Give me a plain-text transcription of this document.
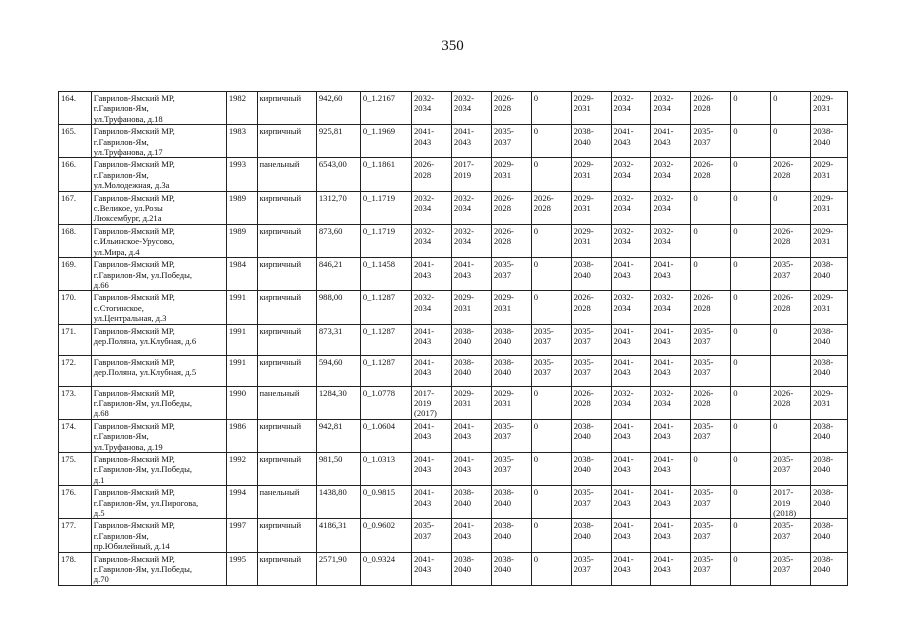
350
164.	Гаврилов-Ямский МР,
г.Гаврилов-Ям,
ул.Труфанова, д.18	1982	кирпичный	942,60	0_1.2167	2032-
2034	2032-
2034	2026-
2028	0	2029-
2031	2032-
2034	2032-
2034	2026-
2028	0	0	2029-
2031
165.	Гаврилов-Ямский МР,
г.Гаврилов-Ям,
ул.Труфанова, д.17	1983	кирпичный	925,81	0_1.1969	2041-
2043	2041-
2043	2035-
2037	0	2038-
2040	2041-
2043	2041-
2043	2035-
2037	0	0	2038-
2040
166.	Гаврилов-Ямский МР,
г.Гаврилов-Ям,
ул.Молодежная, д.3а	1993	панельный	6543,00	0_1.1861	2026-
2028	2017-
2019	2029-
2031	0	2029-
2031	2032-
2034	2032-
2034	2026-
2028	0	2026-
2028	2029-
2031
167.	Гаврилов-Ямский МР,
с.Великое, ул.Розы
Люксембург, д.21а	1989	кирпичный	1312,70	0_1.1719	2032-
2034	2032-
2034	2026-
2028	2026-
2028	2029-
2031	2032-
2034	2032-
2034	0	0	0	2029-
2031
168.	Гаврилов-Ямский МР,
с.Ильинское-Урусово,
ул.Мира, д.4	1989	кирпичный	873,60	0_1.1719	2032-
2034	2032-
2034	2026-
2028	0	2029-
2031	2032-
2034	2032-
2034	0	0	2026-
2028	2029-
2031
169.	Гаврилов-Ямский МР,
г.Гаврилов-Ям, ул.Победы,
д.66	1984	кирпичный	846,21	0_1.1458	2041-
2043	2041-
2043	2035-
2037	0	2038-
2040	2041-
2043	2041-
2043	0	0	2035-
2037	2038-
2040
170.	Гаврилов-Ямский МР,
с.Стогинское,
ул.Центральная, д.3	1991	кирпичный	988,00	0_1.1287	2032-
2034	2029-
2031	2029-
2031	0	2026-
2028	2032-
2034	2032-
2034	2026-
2028	0	2026-
2028	2029-
2031
171.	Гаврилов-Ямский МР,
дер.Поляна, ул.Клубная, д.6	1991	кирпичный	873,31	0_1.1287	2041-
2043	2038-
2040	2038-
2040	2035-
2037	2035-
2037	2041-
2043	2041-
2043	2035-
2037	0	0	2038-
2040
172.	Гаврилов-Ямский МР,
дер.Поляна, ул.Клубная, д.5	1991	кирпичный	594,60	0_1.1287	2041-
2043	2038-
2040	2038-
2040	2035-
2037	2035-
2037	2041-
2043	2041-
2043	2035-
2037	0		2038-
2040
173.	Гаврилов-Ямский МР,
г.Гаврилов-Ям, ул.Победы,
д.68	1990	панельный	1284,30	0_1.0778	2017-
2019
(2017)	2029-
2031	2029-
2031	0	2026-
2028	2032-
2034	2032-
2034	2026-
2028	0	2026-
2028	2029-
2031
174.	Гаврилов-Ямский МР,
г.Гаврилов-Ям,
ул.Труфанова, д.19	1986	кирпичный	942,81	0_1.0604	2041-
2043	2041-
2043	2035-
2037	0	2038-
2040	2041-
2043	2041-
2043	2035-
2037	0	0	2038-
2040
175.	Гаврилов-Ямский МР,
г.Гаврилов-Ям, ул.Победы,
д.1	1992	кирпичный	981,50	0_1.0313	2041-
2043	2041-
2043	2035-
2037	0	2038-
2040	2041-
2043	2041-
2043	0	0	2035-
2037	2038-
2040
176.	Гаврилов-Ямский МР,
г.Гаврилов-Ям, ул.Пирогова,
д.5	1994	панельный	1438,80	0_0.9815	2041-
2043	2038-
2040	2038-
2040	0	2035-
2037	2041-
2043	2041-
2043	2035-
2037	0	2017-
2019
(2018)	2038-
2040
177.	Гаврилов-Ямский МР,
г.Гаврилов-Ям,
пр.Юбилейный, д.14	1997	кирпичный	4186,31	0_0.9602	2035-
2037	2041-
2043	2038-
2040	0	2038-
2040	2041-
2043	2041-
2043	2035-
2037	0	2035-
2037	2038-
2040
178.	Гаврилов-Ямский МР,
г.Гаврилов-Ям, ул.Победы,
д.70	1995	кирпичный	2571,90	0_0.9324	2041-
2043	2038-
2040	2038-
2040	0	2035-
2037	2041-
2043	2041-
2043	2035-
2037	0	2035-
2037	2038-
2040
